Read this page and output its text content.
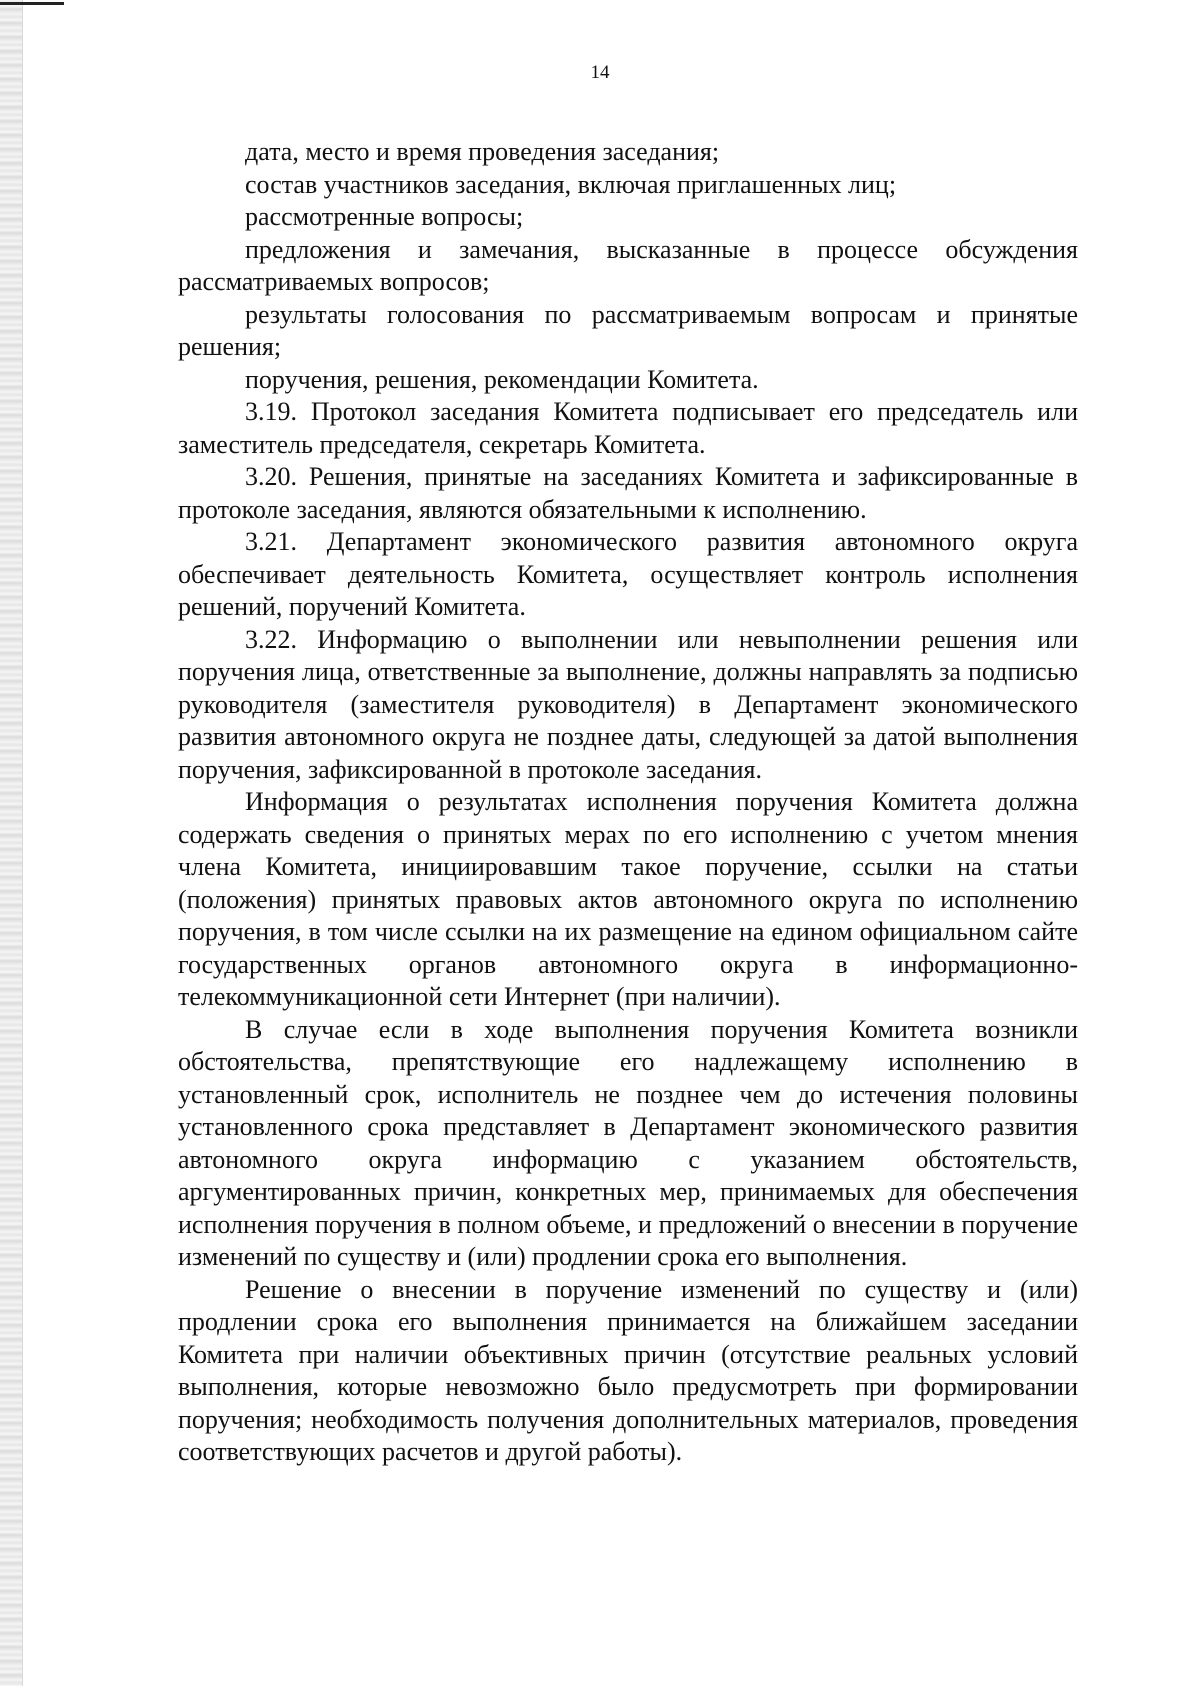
14

дата, место и время проведения заседания;

состав участников заседания, включая приглашенных лиц;

рассмотренные вопросы;

предложения и замечания, высказанные в процессе обсуждения рассматриваемых вопросов;

результаты голосования по рассматриваемым вопросам и принятые решения;

поручения, решения, рекомендации Комитета.

3.19. Протокол заседания Комитета подписывает его председатель или заместитель председателя, секретарь Комитета.

3.20. Решения, принятые на заседаниях Комитета и зафиксированные в протоколе заседания, являются обязательными к исполнению.

3.21. Департамент экономического развития автономного округа обеспечивает деятельность Комитета, осуществляет контроль исполнения решений, поручений Комитета.

3.22. Информацию о выполнении или невыполнении решения или поручения лица, ответственные за выполнение, должны направлять за подписью руководителя (заместителя руководителя) в Департамент экономического развития автономного округа не позднее даты, следующей за датой выполнения поручения, зафиксированной в протоколе заседания.

Информация о результатах исполнения поручения Комитета должна содержать сведения о принятых мерах по его исполнению с учетом мнения члена Комитета, инициировавшим такое поручение, ссылки на статьи (положения) принятых правовых актов автономного округа по исполнению поручения, в том числе ссылки на их размещение на едином официальном сайте государственных органов автономного округа в информационно-телекоммуникационной сети Интернет (при наличии).

В случае если в ходе выполнения поручения Комитета возникли обстоятельства, препятствующие его надлежащему исполнению в установленный срок, исполнитель не позднее чем до истечения половины установленного срока представляет в Департамент экономического развития автономного округа информацию с указанием обстоятельств, аргументированных причин, конкретных мер, принимаемых для обеспечения исполнения поручения в полном объеме, и предложений о внесении в поручение изменений по существу и (или) продлении срока его выполнения.

Решение о внесении в поручение изменений по существу и (или) продлении срока его выполнения принимается на ближайшем заседании Комитета при наличии объективных причин (отсутствие реальных условий выполнения, которые невозможно было предусмотреть при формировании поручения; необходимость получения дополнительных материалов, проведения соответствующих расчетов и другой работы).
